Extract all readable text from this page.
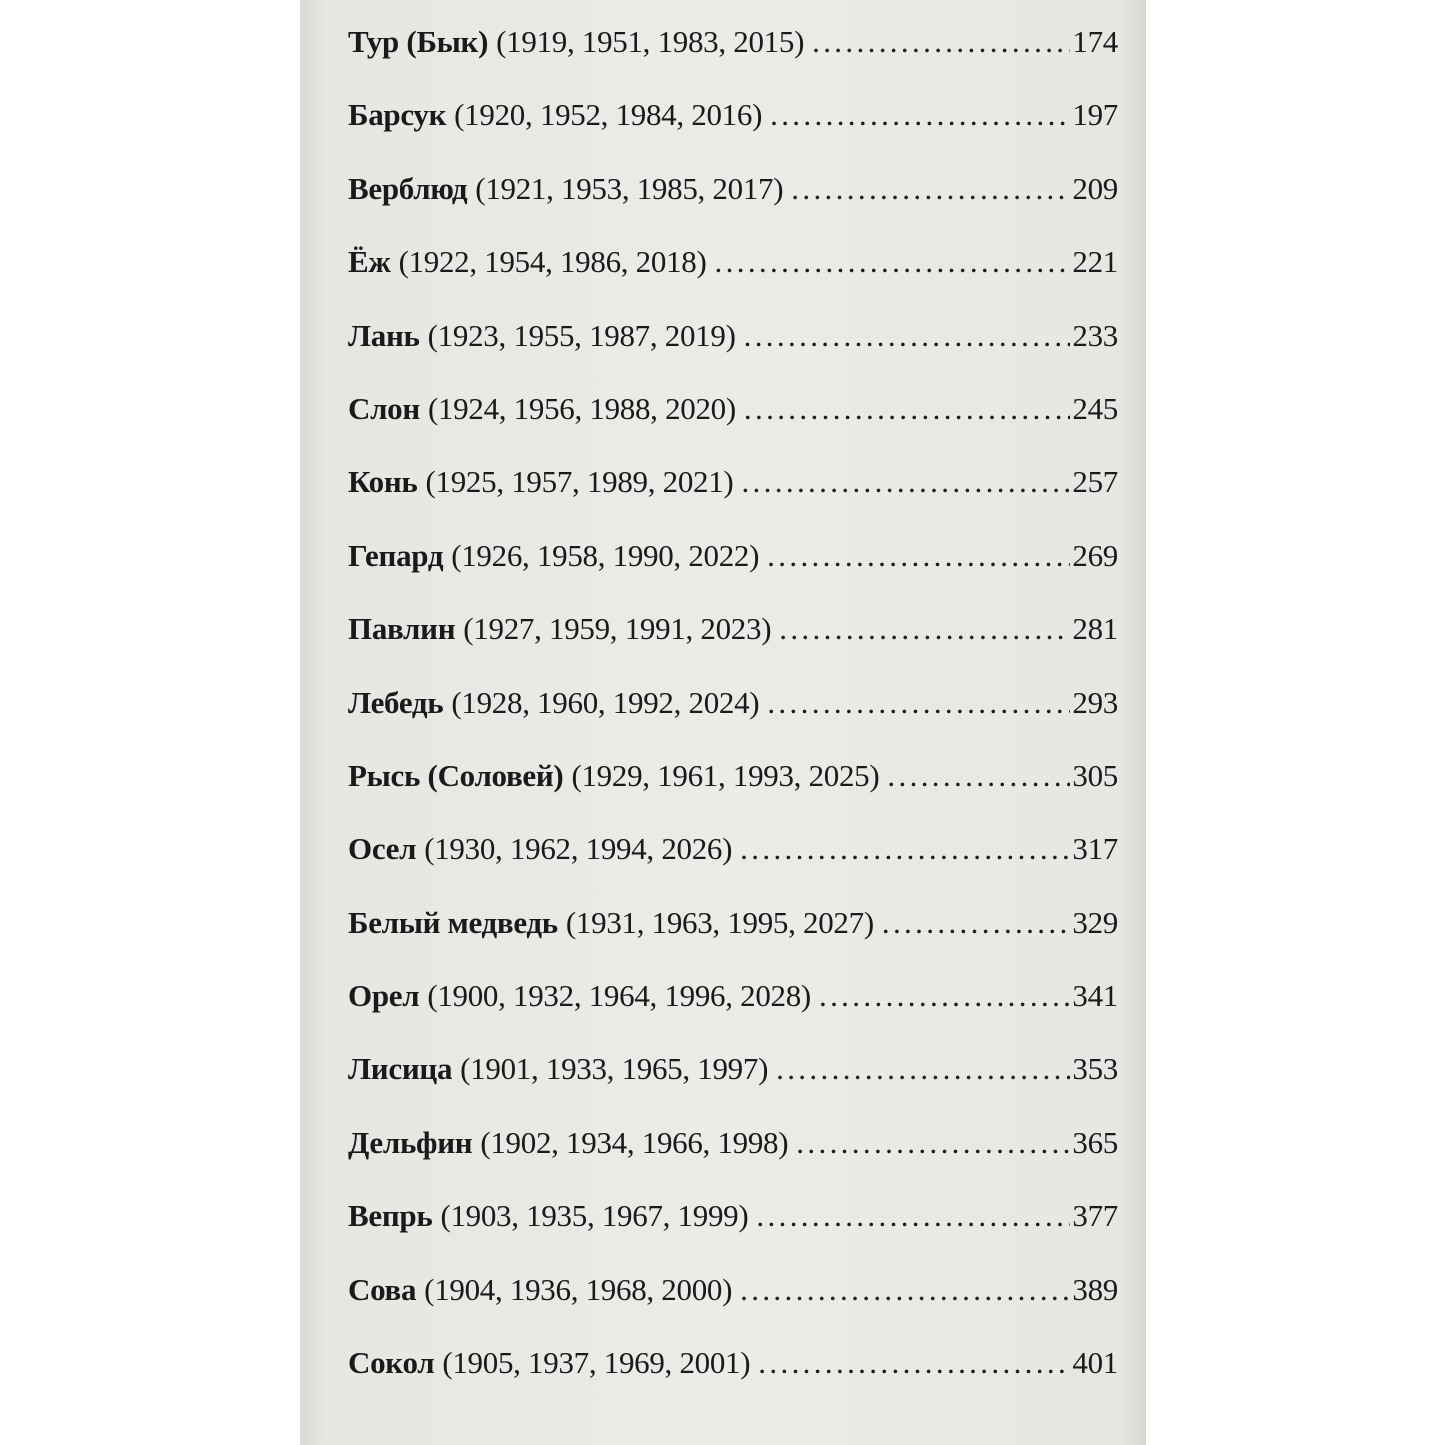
Тур (Бык) (1919, 1951, 1983, 2015) . . .	174
Барсук (1920, 1952, 1984, 2016) . . .	197
Верблюд (1921, 1953, 1985, 2017) . . .	209
Ёж (1922, 1954, 1986, 2018) . . .	221
Лань (1923, 1955, 1987, 2019) . . .	233
Слон (1924, 1956, 1988, 2020) . . .	245
Конь (1925, 1957, 1989, 2021) . . .	257
Гепард (1926, 1958, 1990, 2022) . . .	269
Павлин (1927, 1959, 1991, 2023) . . .	281
Лебедь (1928, 1960, 1992, 2024) . . .	293
Рысь (Соловей) (1929, 1961, 1993, 2025) . . .	305
Осел (1930, 1962, 1994, 2026) . . .	317
Белый медведь (1931, 1963, 1995, 2027) . . .	329
Орел (1900, 1932, 1964, 1996, 2028) . . .	341
Лисица (1901, 1933, 1965, 1997) . . .	353
Дельфин (1902, 1934, 1966, 1998) . . .	365
Вепрь (1903, 1935, 1967, 1999) . . .	377
Сова (1904, 1936, 1968, 2000) . . .	389
Сокол (1905, 1937, 1969, 2001) . . .	401
